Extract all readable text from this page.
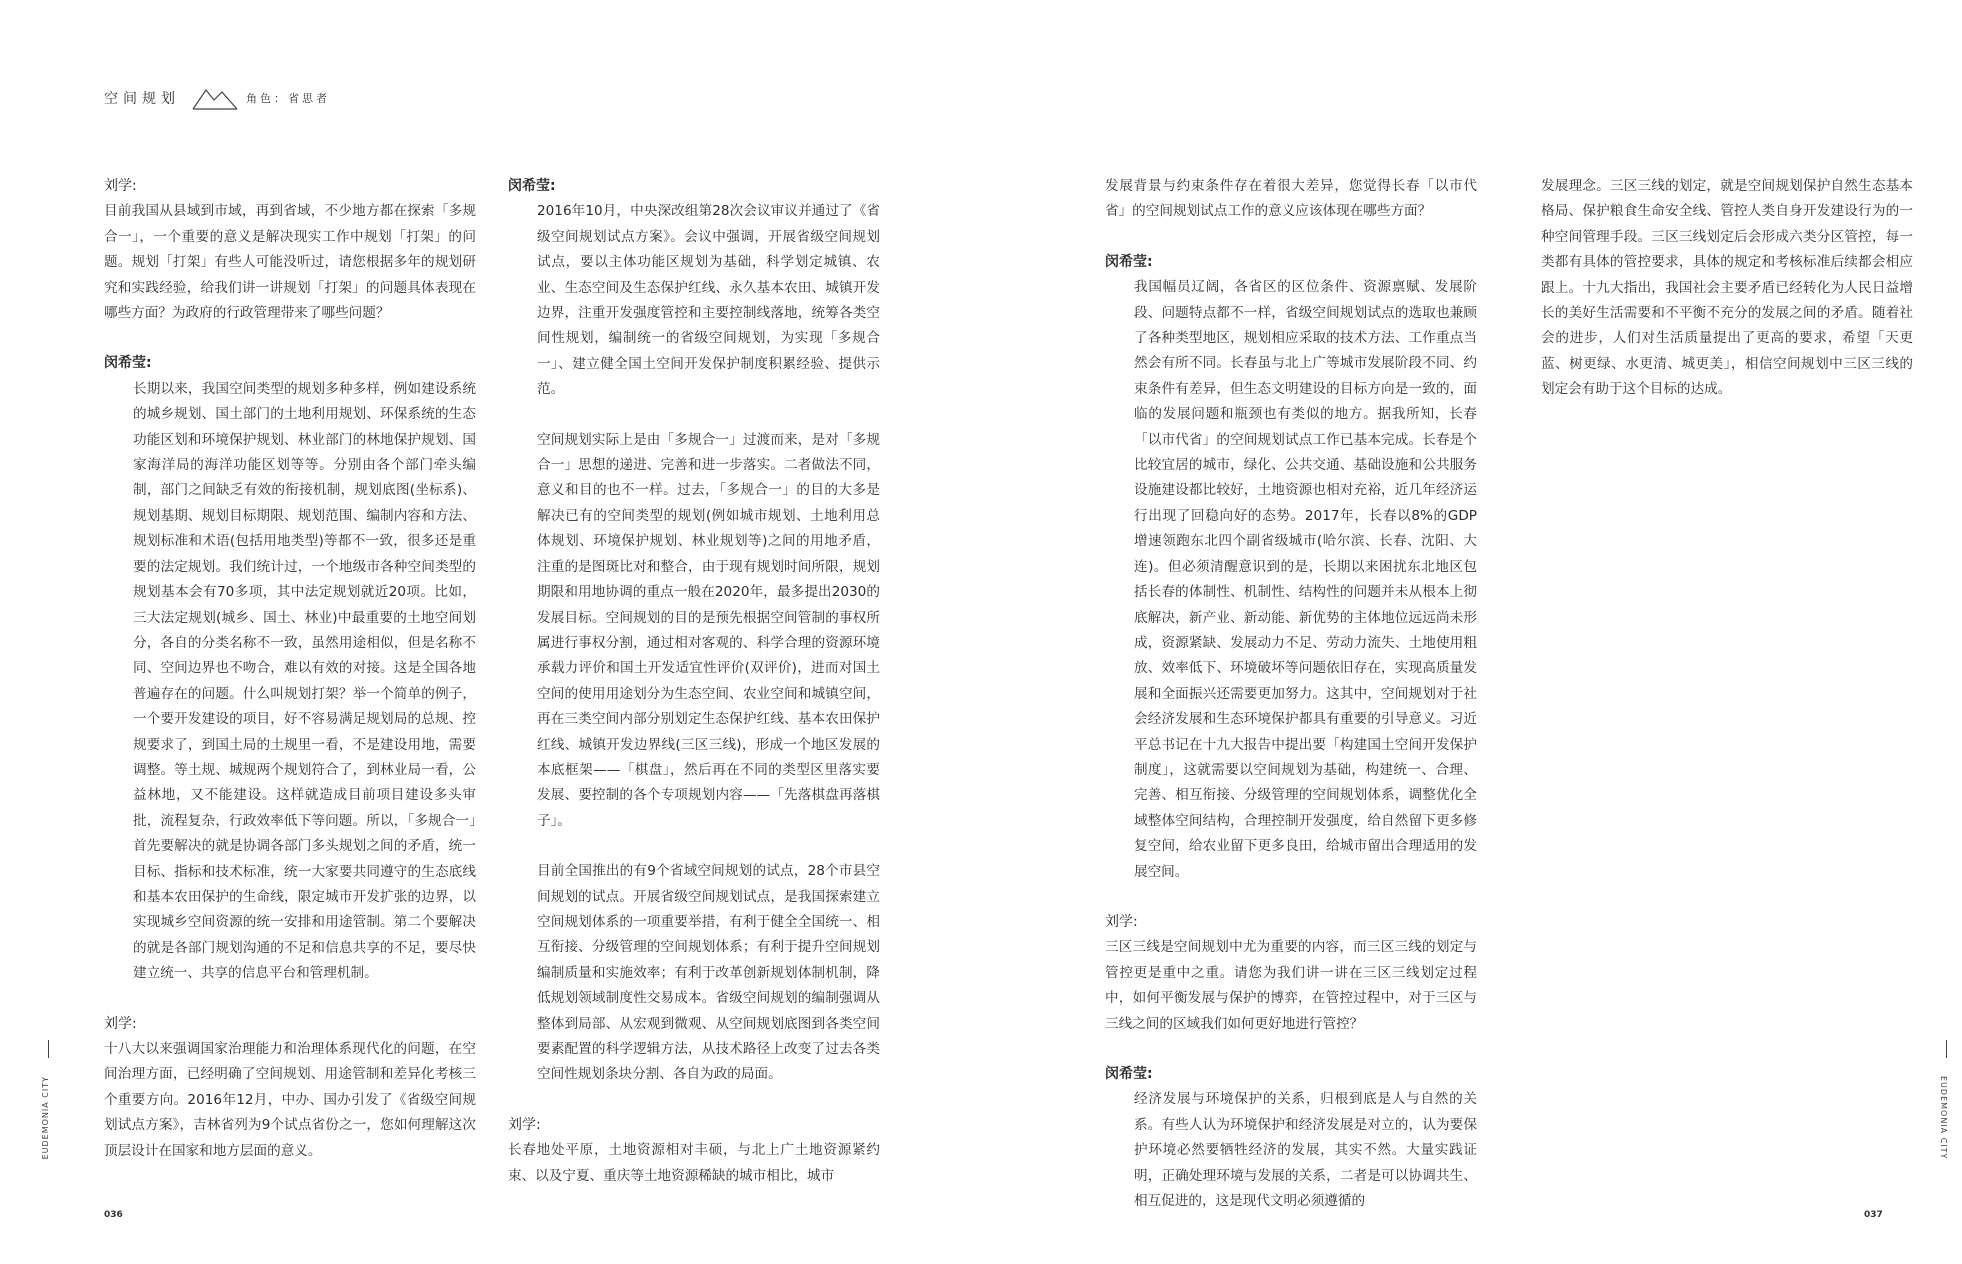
空间规划	角色：省思者
刘学:

目前我国从县域到市域，再到省域，不少地方都在探索「多规合一」，一个重要的意义是解决现实工作中规划「打架」的问题。规划「打架」有些人可能没听过，请您根据多年的规划研究和实践经验，给我们讲一讲规划「打架」的问题具体表现在哪些方面？为政府的行政管理带来了哪些问题？

闵希莹:

长期以来，我国空间类型的规划多种多样，例如建设系统的城乡规划、国土部门的土地利用规划、环保系统的生态功能区划和环境保护规划、林业部门的林地保护规划、国家海洋局的海洋功能区划等等。分别由各个部门牵头编制，部门之间缺乏有效的衔接机制，规划底图(坐标系)、规划基期、规划目标期限、规划范围、编制内容和方法、规划标准和术语(包括用地类型)等都不一致，很多还是重要的法定规划。我们统计过，一个地级市各种空间类型的规划基本会有70多项，其中法定规划就近20项。比如，三大法定规划(城乡、国土、林业)中最重要的土地空间划分，各自的分类名称不一致，虽然用途相似，但是名称不同、空间边界也不吻合，难以有效的对接。这是全国各地普遍存在的问题。什么叫规划打架？举一个简单的例子，一个要开发建设的项目，好不容易满足规划局的总规、控规要求了，到国土局的土规里一看，不是建设用地，需要调整。等土规、城规两个规划符合了，到林业局一看，公益林地，又不能建设。这样就造成目前项目建设多头审批，流程复杂，行政效率低下等问题。所以，「多规合一」首先要解决的就是协调各部门多头规划之间的矛盾，统一目标、指标和技术标准，统一大家要共同遵守的生态底线和基本农田保护的生命线，限定城市开发扩张的边界，以实现城乡空间资源的统一安排和用途管制。第二个要解决的就是各部门规划沟通的不足和信息共享的不足，要尽快建立统一、共享的信息平台和管理机制。

刘学:

十八大以来强调国家治理能力和治理体系现代化的问题，在空间治理方面，已经明确了空间规划、用途管制和差异化考核三个重要方向。2016年12月，中办、国办引发了《省级空间规划试点方案》，吉林省列为9个试点省份之一，您如何理解这次顶层设计在国家和地方层面的意义。

闵希莹:

2016年10月，中央深改组第28次会议审议并通过了《省级空间规划试点方案》。会议中强调，开展省级空间规划试点，要以主体功能区规划为基础，科学划定城镇、农业、生态空间及生态保护红线、永久基本农田、城镇开发边界，注重开发强度管控和主要控制线落地，统筹各类空间性规划，编制统一的省级空间规划，为实现「多规合一」、建立健全国土空间开发保护制度积累经验、提供示范。

空间规划实际上是由「多规合一」过渡而来，是对「多规合一」思想的递进、完善和进一步落实。二者做法不同，意义和目的也不一样。过去，「多规合一」的目的大多是解决已有的空间类型的规划(例如城市规划、土地利用总体规划、环境保护规划、林业规划等)之间的用地矛盾，注重的是图斑比对和整合，由于现有规划时间所限，规划期限和用地协调的重点一般在2020年，最多提出2030的发展目标。空间规划的目的是预先根据空间管制的事权所属进行事权分割，通过相对客观的、科学合理的资源环境承载力评价和国土开发适宜性评价(双评价)，进而对国土空间的使用用途划分为生态空间、农业空间和城镇空间，再在三类空间内部分别划定生态保护红线、基本农田保护红线、城镇开发边界线(三区三线)，形成一个地区发展的本底框架——「棋盘」，然后再在不同的类型区里落实要发展、要控制的各个专项规划内容——「先落棋盘再落棋子」。

目前全国推出的有9个省域空间规划的试点，28个市县空间规划的试点。开展省级空间规划试点，是我国探索建立空间规划体系的一项重要举措，有利于健全全国统一、相互衔接、分级管理的空间规划体系；有利于提升空间规划编制质量和实施效率；有利于改革创新规划体制机制，降低规划领域制度性交易成本。省级空间规划的编制强调从整体到局部、从宏观到微观、从空间规划底图到各类空间要素配置的科学逻辑方法，从技术路径上改变了过去各类空间性规划条块分割、各自为政的局面。

刘学:

长春地处平原，土地资源相对丰硕，与北上广土地资源紧约束、以及宁夏、重庆等土地资源稀缺的城市相比，城市

发展背景与约束条件存在着很大差异，您觉得长春「以市代省」的空间规划试点工作的意义应该体现在哪些方面？

闵希莹:

我国幅员辽阔，各省区的区位条件、资源禀赋、发展阶段、问题特点都不一样，省级空间规划试点的选取也兼顾了各种类型地区，规划相应采取的技术方法、工作重点当然会有所不同。长春虽与北上广等城市发展阶段不同、约束条件有差异，但生态文明建设的目标方向是一致的，面临的发展问题和瓶颈也有类似的地方。据我所知，长春「以市代省」的空间规划试点工作已基本完成。长春是个比较宜居的城市，绿化、公共交通、基础设施和公共服务设施建设都比较好，土地资源也相对充裕，近几年经济运行出现了回稳向好的态势。2017年，长春以8%的GDP增速领跑东北四个副省级城市(哈尔滨、长春、沈阳、大连)。但必须清醒意识到的是，长期以来困扰东北地区包括长春的体制性、机制性、结构性的问题并未从根本上彻底解决，新产业、新动能、新优势的主体地位远远尚未形成，资源紧缺、发展动力不足、劳动力流失、土地使用粗放、效率低下、环境破坏等问题依旧存在，实现高质量发展和全面振兴还需要更加努力。这其中，空间规划对于社会经济发展和生态环境保护都具有重要的引导意义。习近平总书记在十九大报告中提出要「构建国土空间开发保护制度」，这就需要以空间规划为基础，构建统一、合理、完善、相互衔接、分级管理的空间规划体系，调整优化全域整体空间结构，合理控制开发强度，给自然留下更多修复空间，给农业留下更多良田，给城市留出合理适用的发展空间。

刘学:

三区三线是空间规划中尤为重要的内容，而三区三线的划定与管控更是重中之重。请您为我们讲一讲在三区三线划定过程中，如何平衡发展与保护的博弈，在管控过程中，对于三区与三线之间的区域我们如何更好地进行管控？

闵希莹:

经济发展与环境保护的关系，归根到底是人与自然的关系。有些人认为环境保护和经济发展是对立的，认为要保护环境必然要牺牲经济的发展，其实不然。大量实践证明，正确处理环境与发展的关系，二者是可以协调共生、相互促进的，这是现代文明必须遵循的

发展理念。三区三线的划定，就是空间规划保护自然生态基本格局、保护粮食生命安全线、管控人类自身开发建设行为的一种空间管理手段。三区三线划定后会形成六类分区管控，每一类都有具体的管控要求，具体的规定和考核标准后续都会相应跟上。十九大指出，我国社会主要矛盾已经转化为人民日益增长的美好生活需要和不平衡不充分的发展之间的矛盾。随着社会的进步，人们对生活质量提出了更高的要求，希望「天更蓝、树更绿、水更清、城更美」，相信空间规划中三区三线的划定会有助于这个目标的达成。

EUDEMONIA CITY	EUDEMONIA CITY
036	037
